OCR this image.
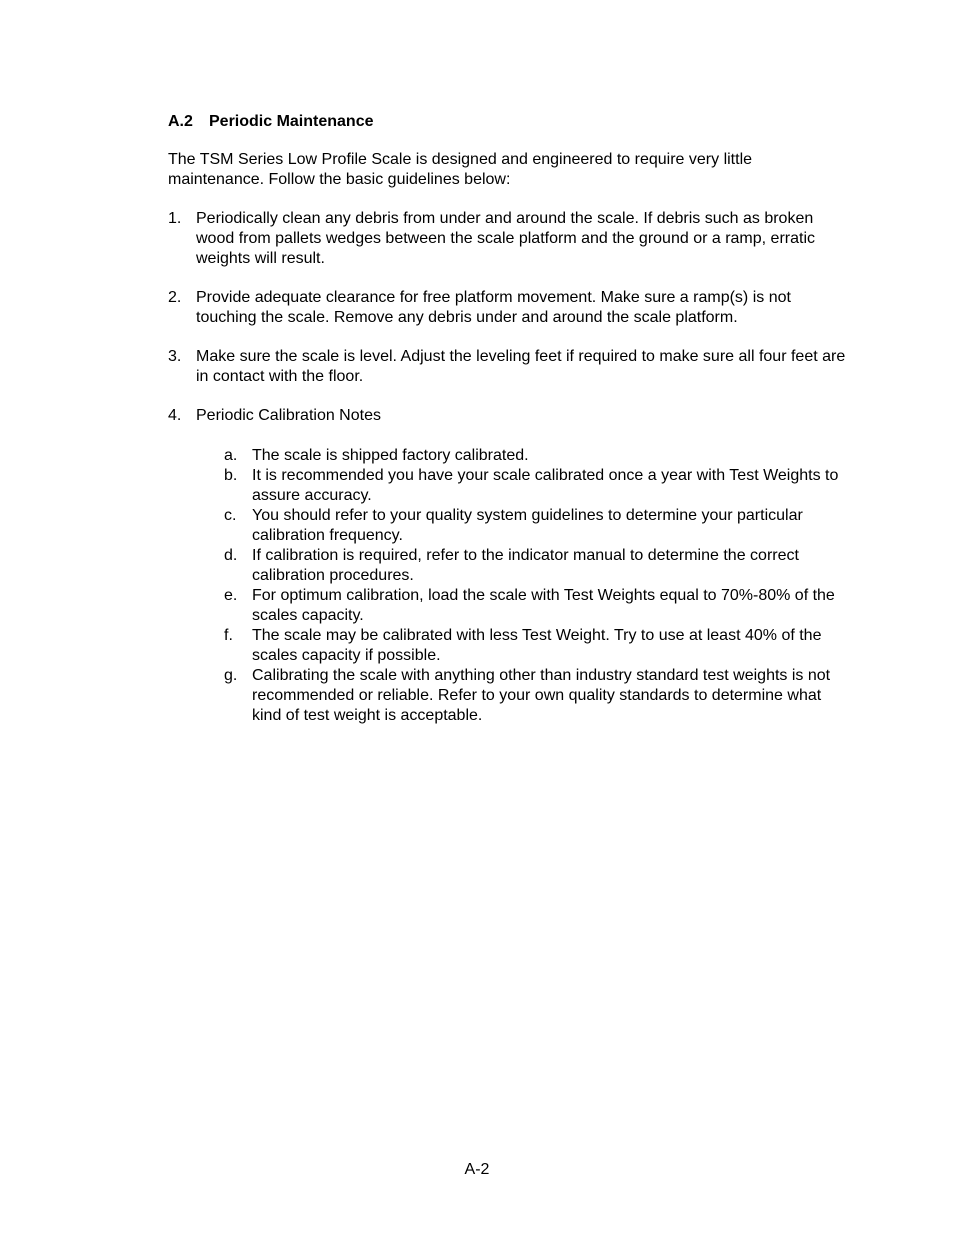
A.2	Periodic Maintenance

The TSM Series Low Profile Scale is designed and engineered to require very little maintenance. Follow the basic guidelines below:

1. Periodically clean any debris from under and around the scale. If debris such as broken wood from pallets wedges between the scale platform and the ground or a ramp, erratic weights will result.
2. Provide adequate clearance for free platform movement. Make sure a ramp(s) is not touching the scale. Remove any debris under and around the scale platform.
3. Make sure the scale is level. Adjust the leveling feet if required to make sure all four feet are in contact with the floor.
4. Periodic Calibration Notes
a. The scale is shipped factory calibrated.
b. It is recommended you have your scale calibrated once a year with Test Weights to assure accuracy.
c. You should refer to your quality system guidelines to determine your particular calibration frequency.
d. If calibration is required, refer to the indicator manual to determine the correct calibration procedures.
e. For optimum calibration, load the scale with Test Weights equal to 70%-80% of the scales capacity.
f.	The scale may be calibrated with less Test Weight. Try to use at least 40% of the scales capacity if possible.
g. Calibrating the scale with anything other than industry standard test weights is not recommended or reliable. Refer to your own quality standards to determine what kind of test weight is acceptable.
A-2
